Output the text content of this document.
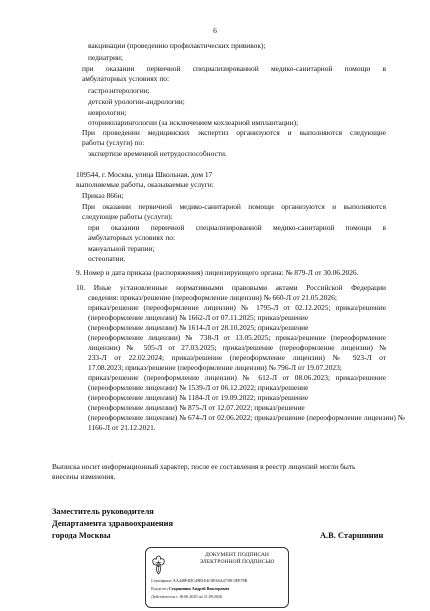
6
вакцинации (проведению профилактических прививок);
педиатрии;
при оказании первичной специализированной медико-санитарной помощи в
амбулаторных условиях по:
гастроэнтерологии;
детской урологии-андрологии;
неврологии;
оториноларингологии (за исключением кохлеарной имплантации);
При проведении медицинских экспертиз организуются и выполняются следующие
работы (услуги) по:
экспертизе временной нетрудоспособности.
109544, г. Москва, улица Школьная, дом 17
выполняемые работы, оказываемые услуги:
Приказ 866н;
При оказании первичной медико-санитарной помощи организуются и выполняются
следующие работы (услуги):
при оказании первичной специализированной медико-санитарной помощи в
амбулаторных условиях по:
мануальной терапии;
остеопатии.
9. Номер и дата приказа (распоряжения) лицензирующего органа: № 879-Л от 30.06.2026.
10. Иные установленные нормативными правовыми актами Российской Федерации
сведения: приказ/решение (переоформление лицензии) № 660-Л от 21.05.2026;
приказ/решение (переоформление лицензии) № 1795-Л от 02.12.2025; приказ/решение
(переоформление лицензии) № 1662-Л от 07.11.2025; приказ/решение
(переоформление лицензии) № 1614-Л от 28.10.2025; приказ/решение
(переоформление лицензии) № 738-Л от 13.05.2025; приказ/решение (переоформление
лицензии) № 505-Л от 27.03.2025; приказ/решение (переоформление лицензии) №
233-Л от 22.02.2024; приказ/решение (переоформление лицензии) № 923-Л от
17.08.2023; приказ/решение (переоформление лицензии) № 796-Л от 19.07.2023;
приказ/решение (переоформление лицензии) № 612-Л от 08.06.2023; приказ/решение
(переоформление лицензии) № 1539-Л от 06.12.2022; приказ/решение
(переоформление лицензии) № 1184-Л от 19.09.2022; приказ/решение
(переоформление лицензии) № 875-Л от 12.07.2022; приказ/решение
(переоформление лицензии) № 674-Л от 02.06.2022; приказ/решение (переоформление лицензии) №
1166-Л от 21.12.2021.
Выписка носит информационный характер, после ее составления в реестр лицензий могли быть
внесены изменения.
Заместитель руководителя
Департамента здравоохранения
города Москвы	А.В. Старшинин
ДОКУМЕНТ ПОДПИСАН
ЭЛЕКТРОННОЙ ПОДПИСЬЮ
Сертификат AA448F4DC49B1E4C0E64A4738C3FE78B
Владелец Старшинин Андрей Викторович
Действителен с 18.06.2025 по 11.09.2026
